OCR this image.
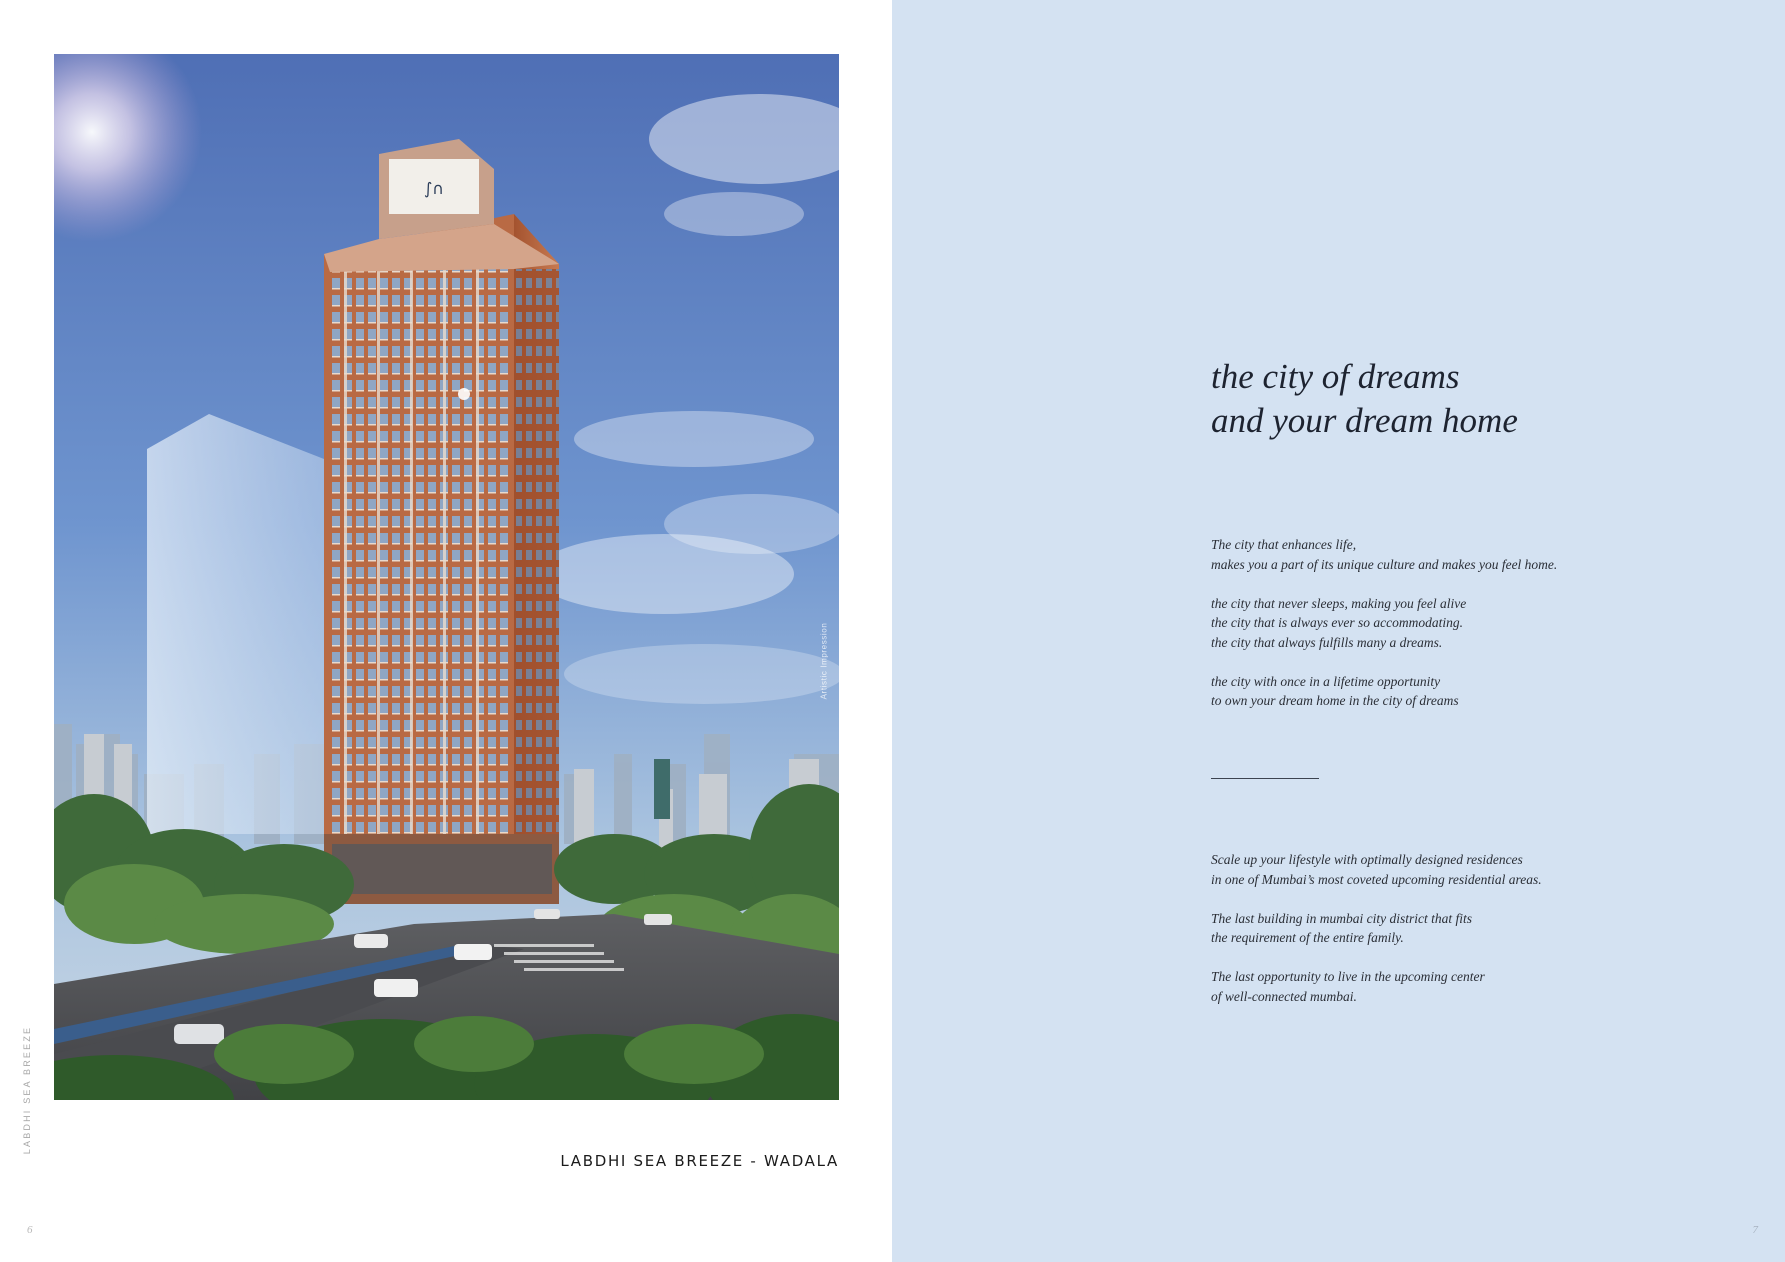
∫∩
Artistic Impression
LABDHI SEA BREEZE
LABDHI SEA BREEZE - WADALA
6
the city of dreams
and your dream home

The city that enhances life,
makes you a part of its unique culture and makes you feel home.

the city that never sleeps, making you feel alive
the city that is always ever so accommodating.
the city that always fulfills many a dreams.

the city with once in a lifetime opportunity
to own your dream home in the city of dreams

Scale up your lifestyle with optimally designed residences
in one of Mumbai’s most coveted upcoming residential areas.

The last building in mumbai city district that fits
the requirement of the entire family.

The last opportunity to live in the upcoming center
of well-connected mumbai.

7
